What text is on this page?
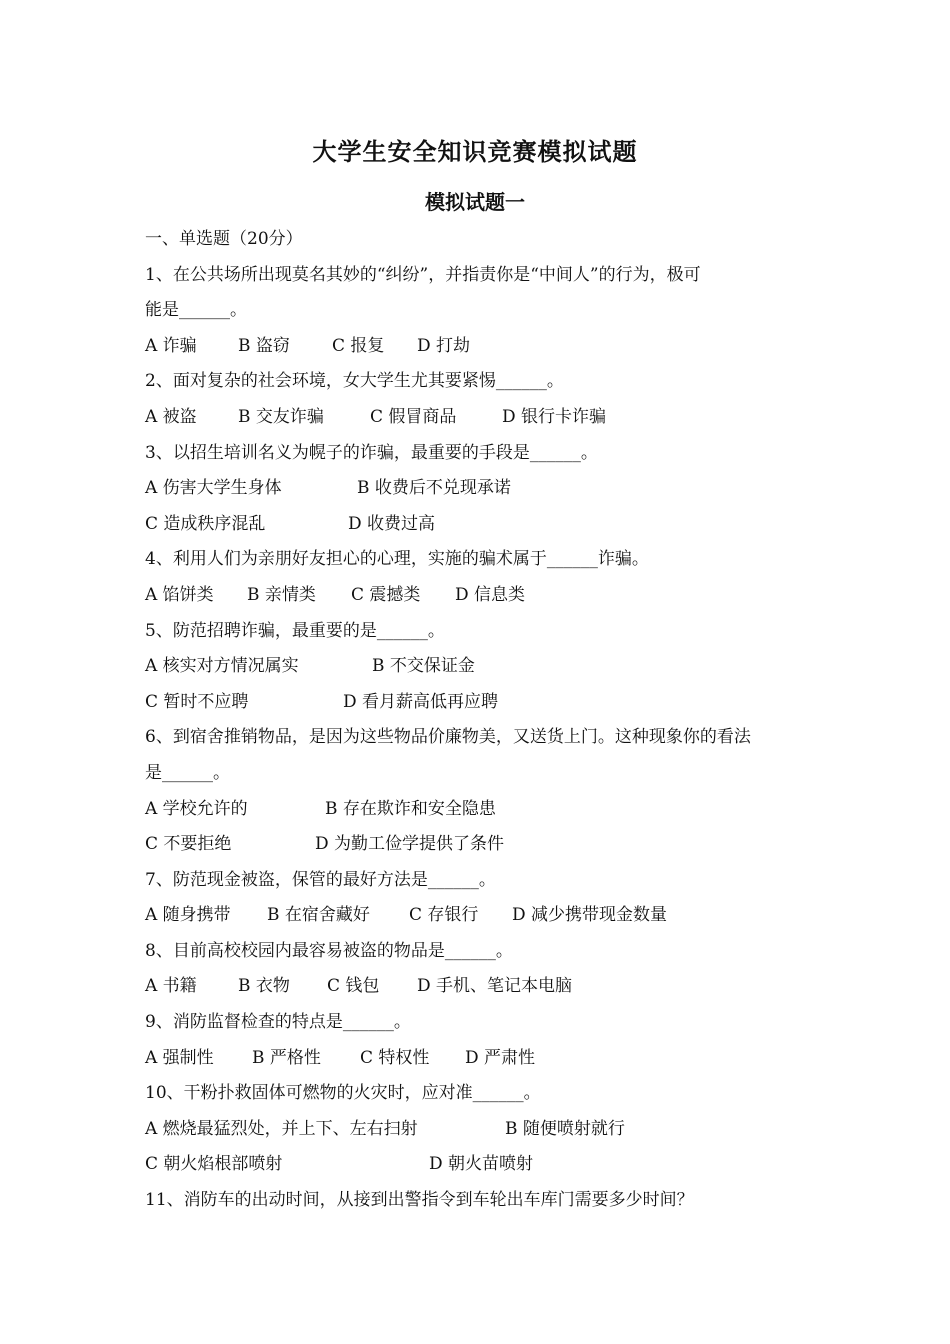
大学生安全知识竞赛模拟试题
模拟试题一
一、单选题（20分）
1、在公共场所出现莫名其妙的“纠纷”，并指责你是“中间人”的行为，极可
能是______。
A 诈骗 B 盗窃 C 报复 D 打劫
2、面对复杂的社会环境，女大学生尤其要紧惕______。
A 被盗 B 交友诈骗	C 假冒商品	D 银行卡诈骗
3、以招生培训名义为幌子的诈骗，最重要的手段是______。
A 伤害大学生身体	B 收费后不兑现承诺
C 造成秩序混乱	D 收费过高
4、利用人们为亲朋好友担心的心理，实施的骗术属于______诈骗。
A 馅饼类 B 亲情类 C 震撼类 D 信息类
5、防范招聘诈骗，最重要的是______。
A 核实对方情况属实	B 不交保证金
C 暂时不应聘	D 看月薪高低再应聘
6、到宿舍推销物品，是因为这些物品价廉物美，又送货上门。这种现象你的看法
是______。
A 学校允许的	B 存在欺诈和安全隐患
C 不要拒绝	D 为勤工俭学提供了条件
7、防范现金被盗，保管的最好方法是______。
A 随身携带 B 在宿舍藏好 C 存银行 D 减少携带现金数量
8、目前高校校园内最容易被盗的物品是______。
A 书籍 B 衣物 C 钱包 D 手机、笔记本电脑
9、消防监督检查的特点是______。
A 强制性 B 严格性 C 特权性 D 严肃性
10、干粉扑救固体可燃物的火灾时，应对准______。
A 燃烧最猛烈处，并上下、左右扫射	B 随便喷射就行
C 朝火焰根部喷射	D 朝火苗喷射
11、消防车的出动时间，从接到出警指令到车轮出车库门需要多少时间？
